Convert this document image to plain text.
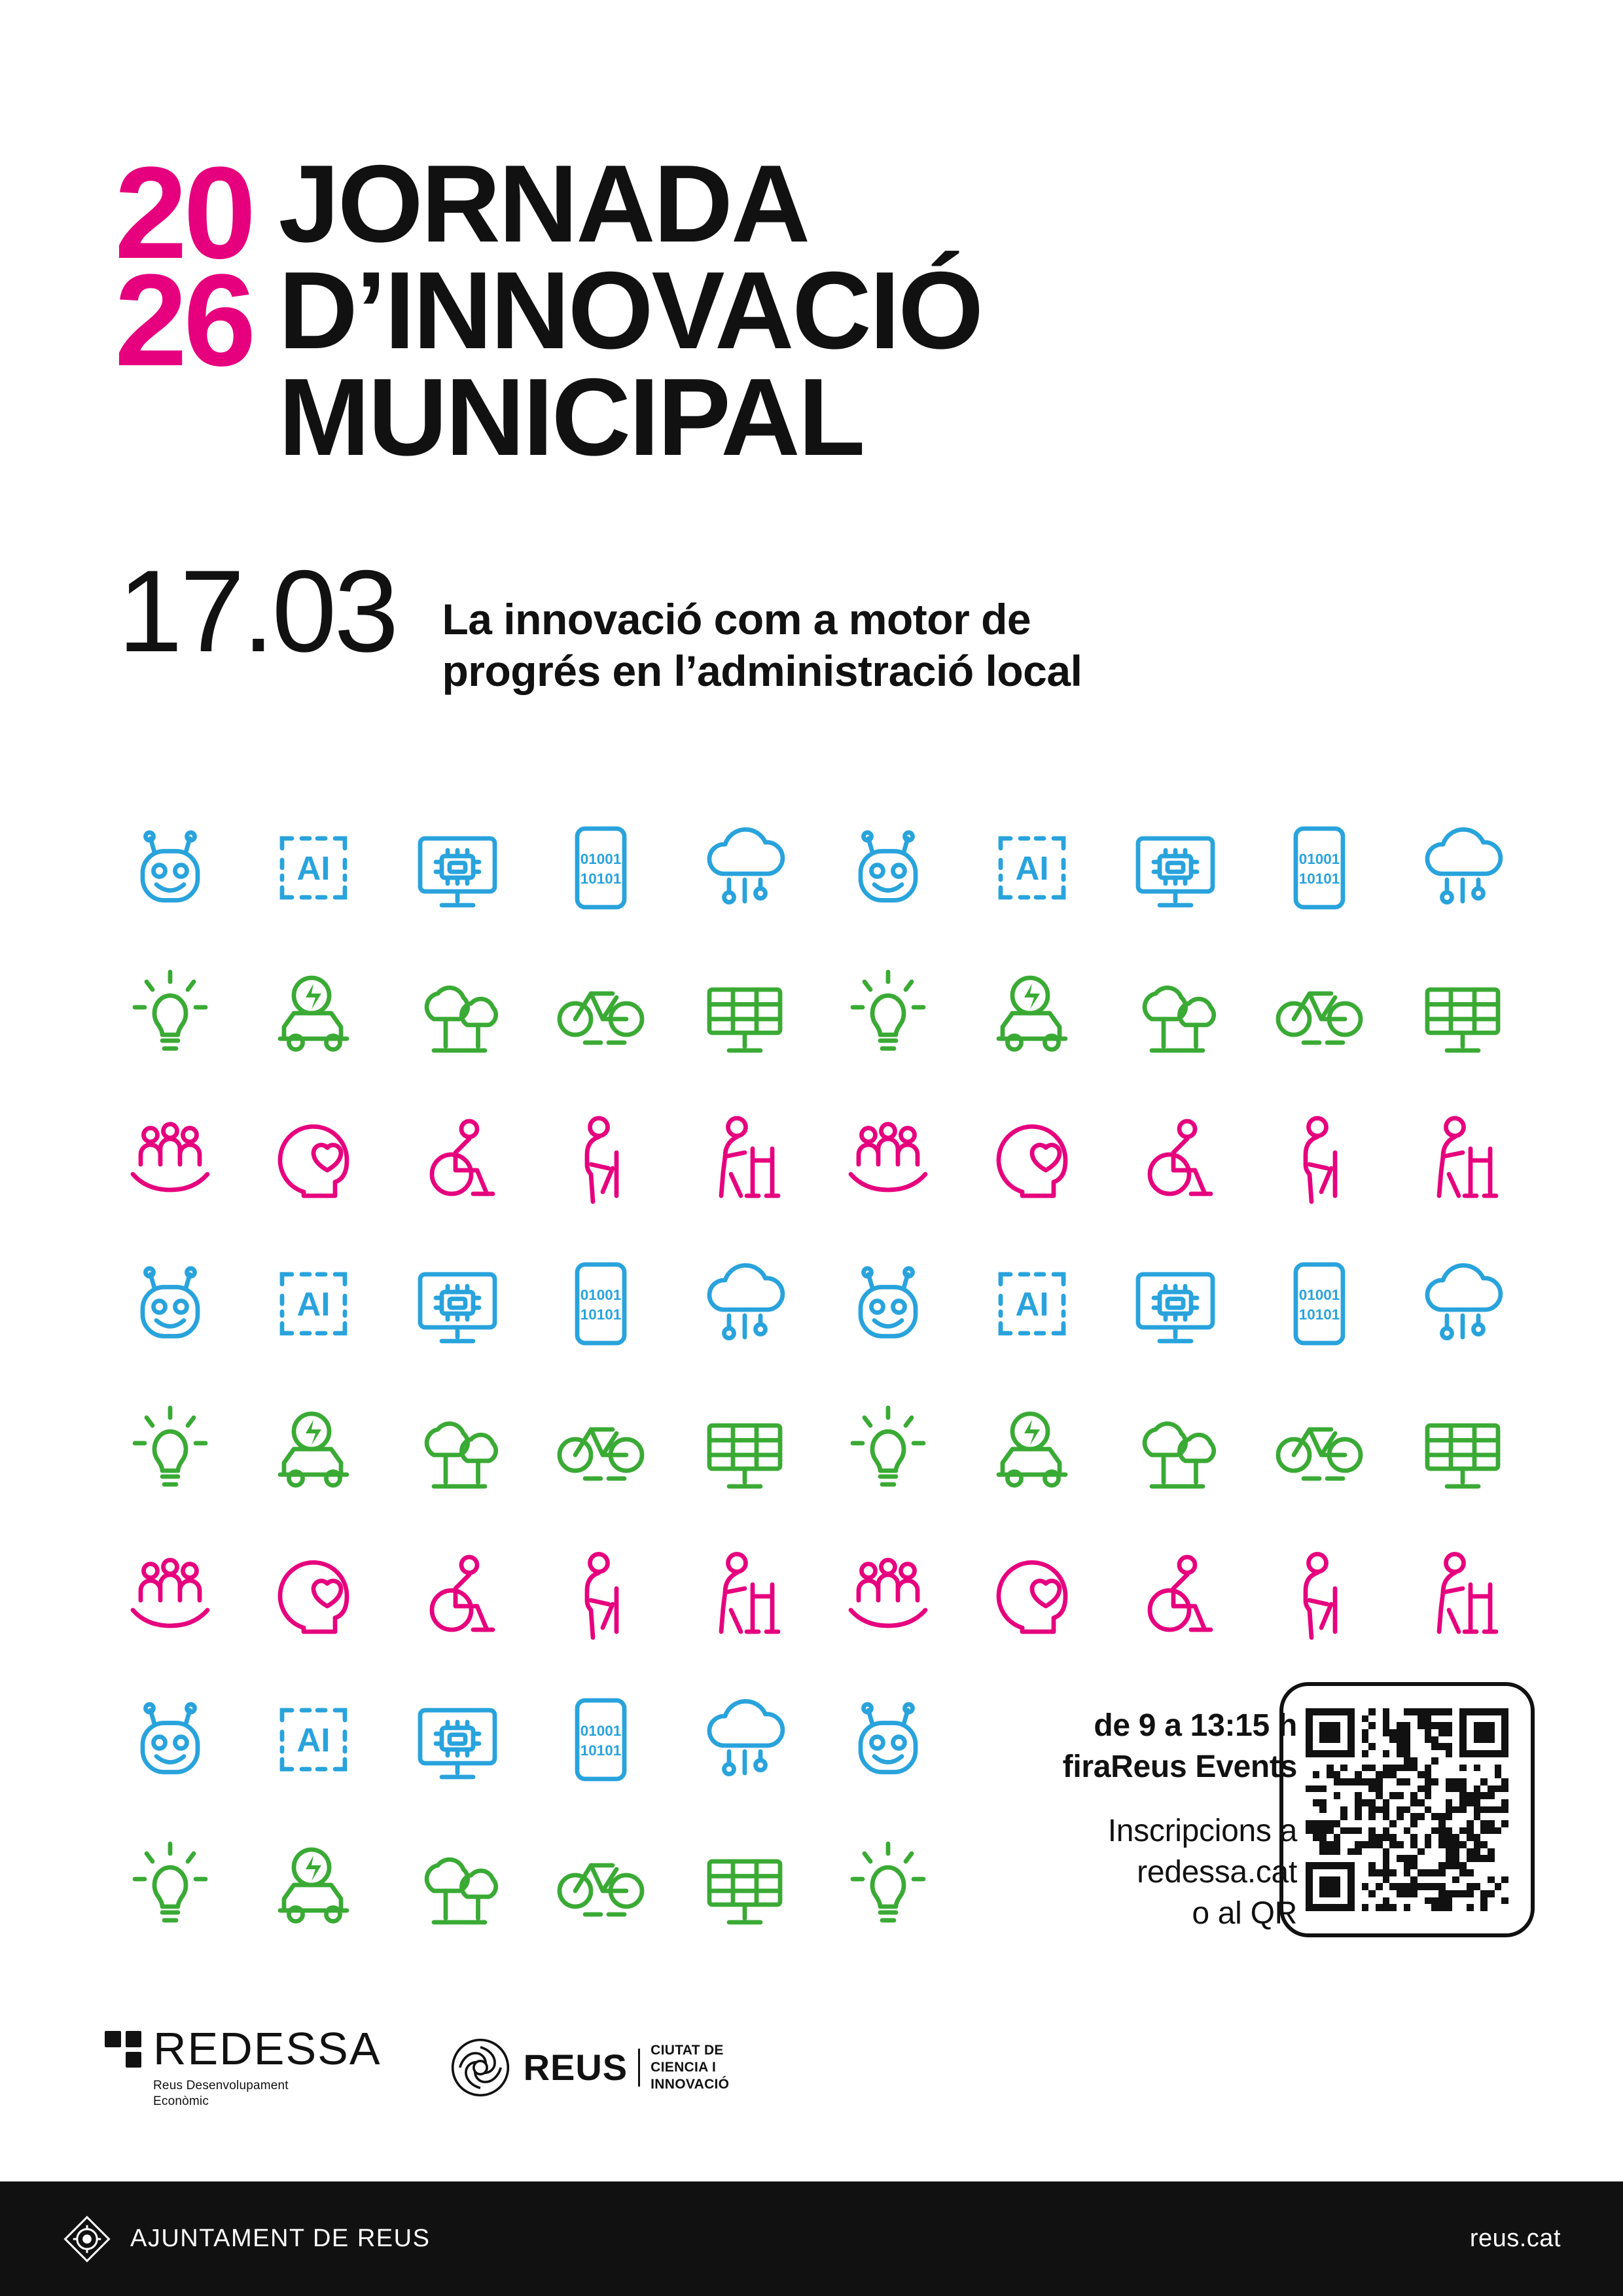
20
26
JORNADA
D’INNOVACIÓ
MUNICIPAL
17.03 La innovació com a motor de
progrés en l’administració local
AI	01001
10101	AI	01001
10101
AI	01001
10101	AI	01001
10101
AI	01001
10101
de 9 a 13:15 h
firaReus Events
Inscripcions a
redessa.cat
o al QR
REDESSA
Reus Desenvolupament
Econòmic
REUS CIUTAT DE
CIENCIA I
INNOVACIÓ
AJUNTAMENT DE REUS	reus.cat
